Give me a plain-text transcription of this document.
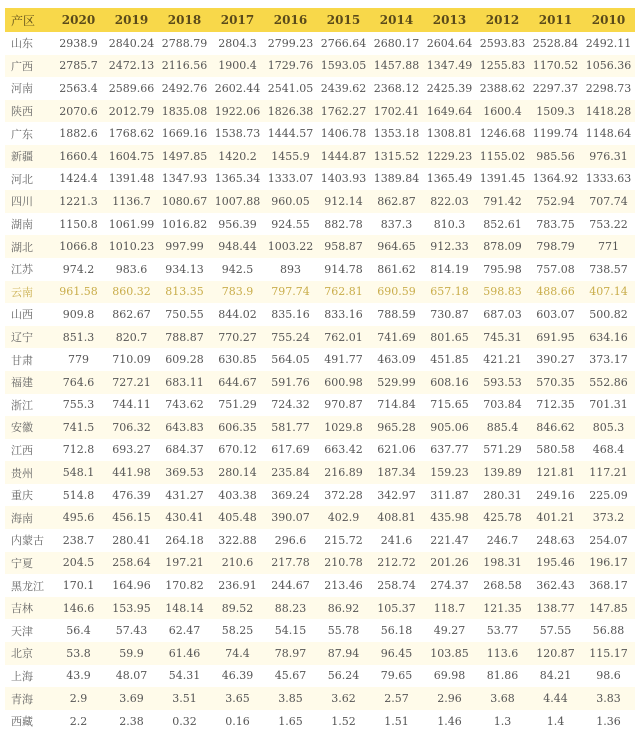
产区	2020	2019	2018	2017	2016	2015	2014	2013	2012	2011	2010
山东	2938.9	2840.24	2788.79	2804.3	2799.23	2766.64	2680.17	2604.64	2593.83	2528.84	2492.11
广西	2785.7	2472.13	2116.56	1900.4	1729.76	1593.05	1457.88	1347.49	1255.83	1170.52	1056.36
河南	2563.4	2589.66	2492.76	2602.44	2541.05	2439.62	2368.12	2425.39	2388.62	2297.37	2298.73
陕西	2070.6	2012.79	1835.08	1922.06	1826.38	1762.27	1702.41	1649.64	1600.4	1509.3	1418.28
广东	1882.6	1768.62	1669.16	1538.73	1444.57	1406.78	1353.18	1308.81	1246.68	1199.74	1148.64
新疆	1660.4	1604.75	1497.85	1420.2	1455.9	1444.87	1315.52	1229.23	1155.02	985.56	976.31
河北	1424.4	1391.48	1347.93	1365.34	1333.07	1403.93	1389.84	1365.49	1391.45	1364.92	1333.63
四川	1221.3	1136.7	1080.67	1007.88	960.05	912.14	862.87	822.03	791.42	752.94	707.74
湖南	1150.8	1061.99	1016.82	956.39	924.55	882.78	837.3	810.3	852.61	783.75	753.22
湖北	1066.8	1010.23	997.99	948.44	1003.22	958.87	964.65	912.33	878.09	798.79	771
江苏	974.2	983.6	934.13	942.5	893	914.78	861.62	814.19	795.98	757.08	738.57
云南	961.58	860.32	813.35	783.9	797.74	762.81	690.59	657.18	598.83	488.66	407.14
山西	909.8	862.67	750.55	844.02	835.16	833.16	788.59	730.87	687.03	603.07	500.82
辽宁	851.3	820.7	788.87	770.27	755.24	762.01	741.69	801.65	745.31	691.95	634.16
甘肃	779	710.09	609.28	630.85	564.05	491.77	463.09	451.85	421.21	390.27	373.17
福建	764.6	727.21	683.11	644.67	591.76	600.98	529.99	608.16	593.53	570.35	552.86
浙江	755.3	744.11	743.62	751.29	724.32	970.87	714.84	715.65	703.84	712.35	701.31
安徽	741.5	706.32	643.83	606.35	581.77	1029.8	965.28	905.06	885.4	846.62	805.3
江西	712.8	693.27	684.37	670.12	617.69	663.42	621.06	637.77	571.29	580.58	468.4
贵州	548.1	441.98	369.53	280.14	235.84	216.89	187.34	159.23	139.89	121.81	117.21
重庆	514.8	476.39	431.27	403.38	369.24	372.28	342.97	311.87	280.31	249.16	225.09
海南	495.6	456.15	430.41	405.48	390.07	402.9	408.81	435.98	425.78	401.21	373.2
内蒙古	238.7	280.41	264.18	322.88	296.6	215.72	241.6	221.47	246.7	248.63	254.07
宁夏	204.5	258.64	197.21	210.6	217.78	210.78	212.72	201.26	198.31	195.46	196.17
黑龙江	170.1	164.96	170.82	236.91	244.67	213.46	258.74	274.37	268.58	362.43	368.17
吉林	146.6	153.95	148.14	89.52	88.23	86.92	105.37	118.7	121.35	138.77	147.85
天津	56.4	57.43	62.47	58.25	54.15	55.78	56.18	49.27	53.77	57.55	56.88
北京	53.8	59.9	61.46	74.4	78.97	87.94	96.45	103.85	113.6	120.87	115.17
上海	43.9	48.07	54.31	46.39	45.67	56.24	79.65	69.98	81.86	84.21	98.6
青海	2.9	3.69	3.51	3.65	3.85	3.62	2.57	2.96	3.68	4.44	3.83
西藏	2.2	2.38	0.32	0.16	1.65	1.52	1.51	1.46	1.3	1.4	1.36
